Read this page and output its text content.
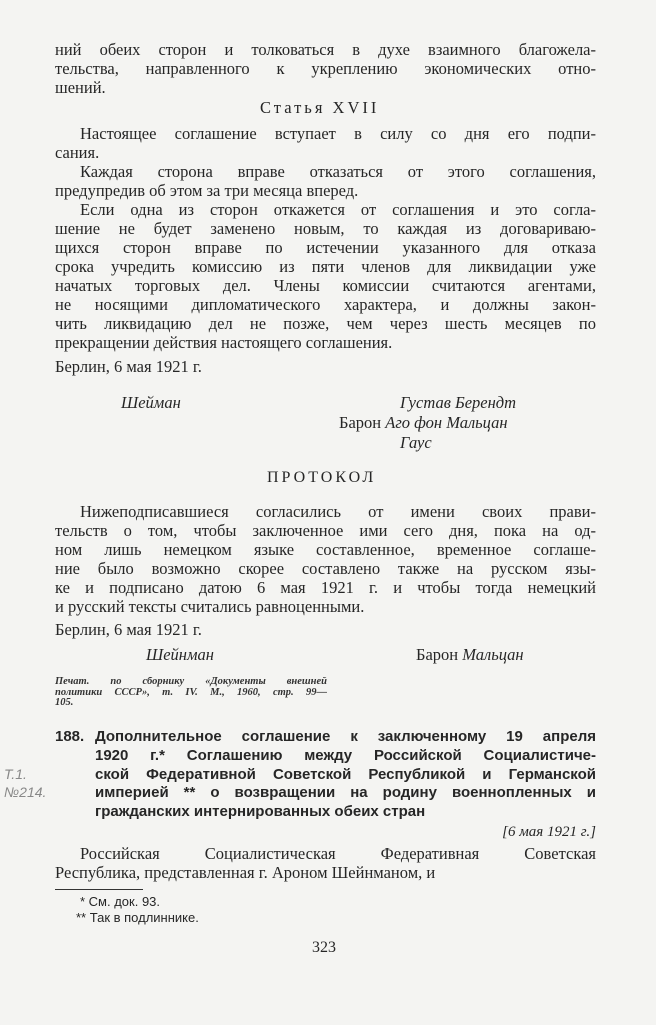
ний обеих сторон и толковаться в духе взаимного благожела-
тельства, направленного к укреплению экономических отно-
шений.
Статья XVII
Настоящее соглашение вступает в силу со дня его подпи-
сания.
Каждая сторона вправе отказаться от этого соглашения,
предупредив об этом за три месяца вперед.
Если одна из сторон откажется от соглашения и это согла-
шение не будет заменено новым, то каждая из договариваю-
щихся сторон вправе по истечении указанного для отказа
срока учредить комиссию из пяти членов для ликвидации уже
начатых торговых дел. Члены комиссии считаются агентами,
не носящими дипломатического характера, и должны закон-
чить ликвидацию дел не позже, чем через шесть месяцев по
прекращении действия настоящего соглашения.
Берлин, 6 мая 1921 г.
Шейман	Густав Берендт
Барон Аго фон Мальцан
Гаус
ПРОТОКОЛ
Нижеподписавшиеся согласились от имени своих прави-
тельств о том, чтобы заключенное ими сего дня, пока на од-
ном лишь немецком языке составленное, временное соглаше-
ние было возможно скорее составлено также на русском язы-
ке и подписано датою 6 мая 1921 г. и чтобы тогда немецкий
и русский тексты считались равноценными.
Берлин, 6 мая 1921 г.
Шейнман	Барон Мальцан
Печат. по сборнику «Документы внешней
политики СССР», т. IV. М., 1960, стр. 99—
105.
188. Дополнительное соглашение к заключенному 19 апреля
1920 г.* Соглашению между Российской Социалистиче-
ской Федеративной Советской Республикой и Германской
империей ** о возвращении на родину военнопленных и
гражданских интернированных обеих стран
[6 мая 1921 г.]
Российская Социалистическая Федеративная Советская
Республика, представленная г. Ароном Шейнманом, и
* См. док. 93.
** Так в подлиннике.
Т.1.
№214.
323
